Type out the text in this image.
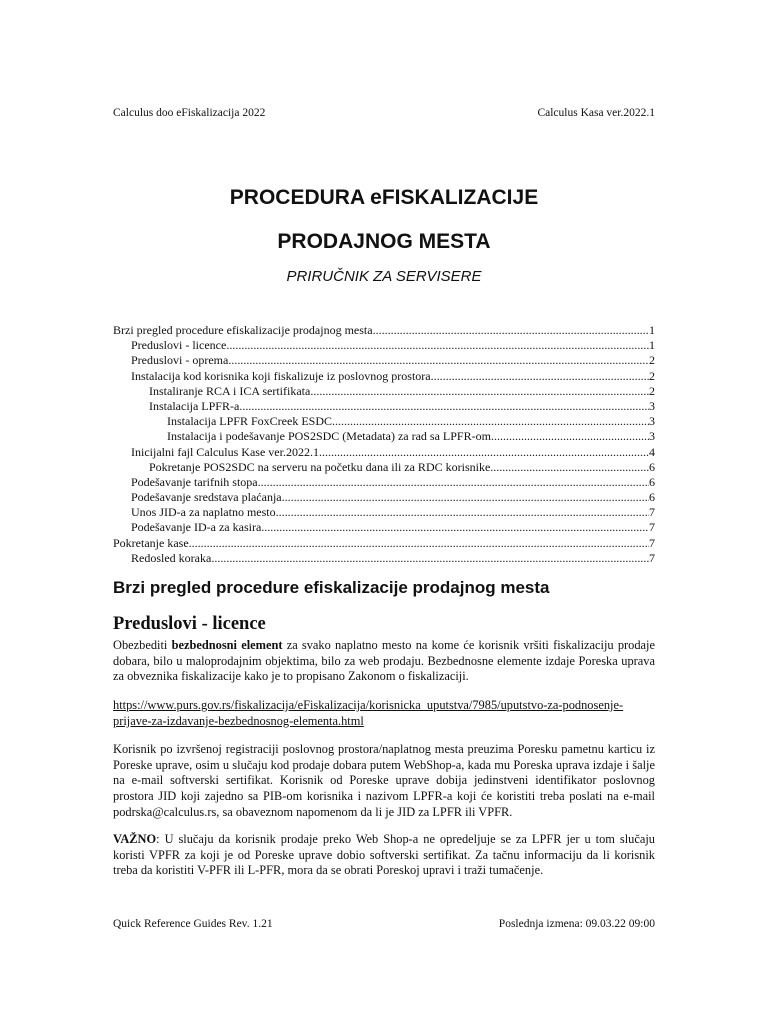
Calculus doo eFiskalizacija 2022	Calculus Kasa ver.2022.1
PROCEDURA eFISKALIZACIJE
PRODAJNOG MESTA
PRIRUČNIK ZA SERVISERE
Brzi pregled procedure efiskalizacije prodajnog mesta .....	1
Preduslovi - licence .....	1
Preduslovi - oprema .....	2
Instalacija kod korisnika koji fiskalizuje iz poslovnog prostora .....	2
Instaliranje RCA i ICA sertifikata .....	2
Instalacija LPFR-a .....	3
Instalacija LPFR FoxCreek ESDC .....	3
Instalacija i podešavanje POS2SDC (Metadata) za rad sa LPFR-om .....	3
Inicijalni fajl Calculus Kase ver.2022.1 .....	4
Pokretanje POS2SDC na serveru na početku dana ili za RDC korisnike .....	6
Podešavanje tarifnih stopa .....	6
Podešavanje sredstava plaćanja .....	6
Unos JID-a za naplatno mesto .....	7
Podešavanje ID-a za kasira .....	7
Pokretanje kase .....	7
Redosled koraka .....	7
Brzi pregled procedure efiskalizacije prodajnog mesta
Preduslovi - licence
Obezbediti bezbednosni element za svako naplatno mesto na kome će korisnik vršiti fiskalizaciju prodaje dobara, bilo u maloprodajnim objektima, bilo za web prodaju. Bezbednosne elemente izdaje Poreska uprava za obveznika fiskalizacije kako je to propisano Zakonom o fiskalizaciji.
https://www.purs.gov.rs/fiskalizacija/eFiskalizacija/korisnicka_uputstva/7985/uputstvo-za-podnosenje-prijave-za-izdavanje-bezbednosnog-elementa.html
Korisnik po izvršenoj registraciji poslovnog prostora/naplatnog mesta preuzima Poresku pametnu karticu iz Poreske uprave, osim u slučaju kod prodaje dobara putem WebShop-a, kada mu Poreska uprava izdaje i šalje na e-mail softverski sertifikat. Korisnik od Poreske uprave dobija jedinstveni identifikator poslovnog prostora JID koji zajedno sa PIB-om korisnika i nazivom LPFR-a koji će koristiti treba poslati na e-mail podrska@calculus.rs, sa obaveznom napomenom da li je JID za LPFR ili VPFR.
VAŽNO: U slučaju da korisnik prodaje preko Web Shop-a ne opredeljuje se za LPFR jer u tom slučaju koristi VPFR za koji je od Poreske uprave dobio softverski sertifikat. Za tačnu informaciju da li korisnik treba da koristiti V-PFR ili L-PFR, mora da se obrati Poreskoj upravi i traži tumačenje.
Quick Reference Guides Rev. 1.21	Poslednja izmena: 09.03.22 09:00
